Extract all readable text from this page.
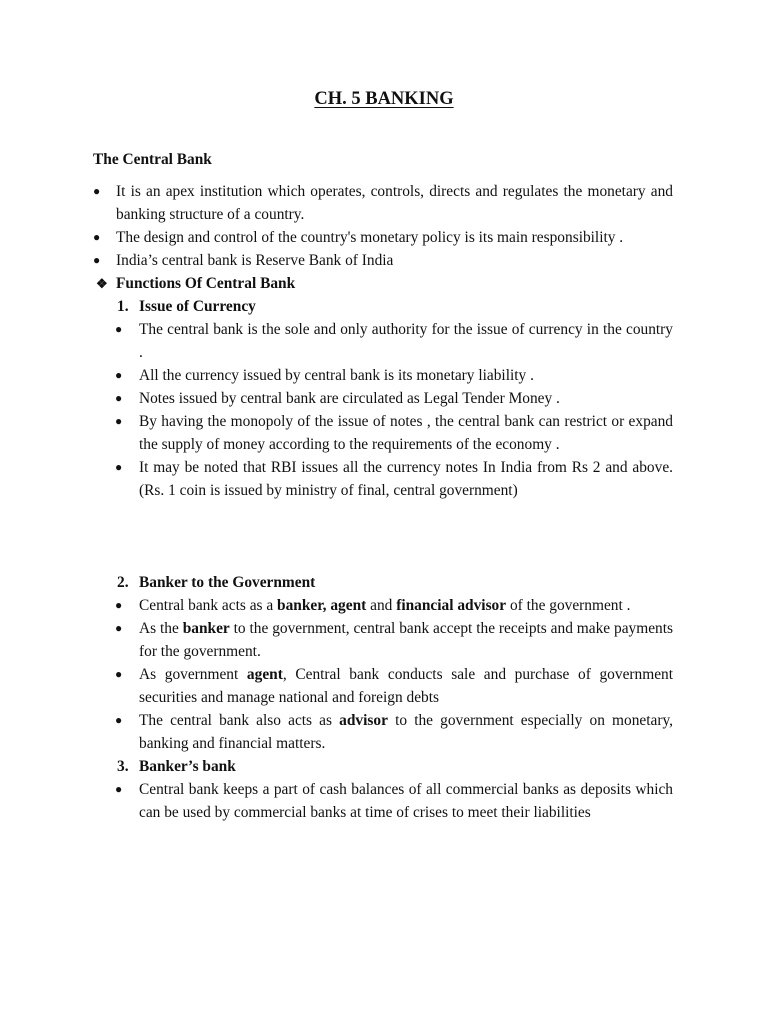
CH. 5 BANKING
The Central Bank
● It is an apex institution which operates, controls, directs and regulates the monetary and banking structure of a country.
● The design and control of the country's monetary policy is its main responsibility .
● India’s central bank is Reserve Bank of India
❖ Functions Of Central Bank
1. Issue of Currency
● The central bank is the sole and only authority for the issue of currency in the country .
● All the currency issued by central bank is its monetary liability .
● Notes issued by central bank are circulated as Legal Tender Money .
● By having the monopoly of the issue of notes , the central bank can restrict or expand the supply of money according to the requirements of the economy .
● It may be noted that RBI issues all the currency notes In India from Rs 2 and above. (Rs. 1 coin is issued by ministry of final, central government)
2. Banker to the Government
● Central bank acts as a banker, agent and financial advisor of the government .
● As the banker to the government, central bank accept the receipts and make payments for the government.
● As government agent, Central bank conducts sale and purchase of government securities and manage national and foreign debts
● The central bank also acts as advisor to the government especially on monetary, banking and financial matters.
3. Banker’s bank
● Central bank keeps a part of cash balances of all commercial banks as deposits which can be used by commercial banks at time of crises to meet their liabilities
